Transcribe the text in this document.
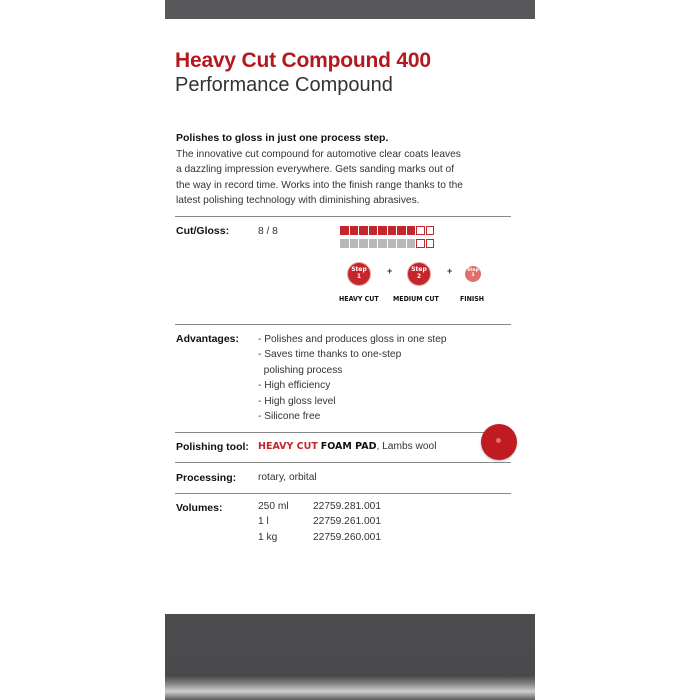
Heavy Cut Compound 400
Performance Compound
Polishes to gloss in just one process step.
The innovative cut compound for automotive clear coats leaves
a dazzling impression everywhere. Gets sanding marks out of
the way in record time. Works into the finish range thanks to the
latest polishing technology with diminishing abrasives.
Cut/Gloss:	8 / 8
Step
1
+	Step
2
+	Step
3
HEAVY CUT MEDIUM CUT	FINISH
Advantages: - Polishes and produces gloss in one step
- Saves time thanks to one-step
polishing process
- High efficiency
- High gloss level
- Silicone free
Polishing tool: HEAVY CUT FOAM PAD, Lambs wool
Processing: rotary, orbital
Volumes:	250 ml 22759.281.001
1 l	22759.261.001
1 kg	22759.260.001
